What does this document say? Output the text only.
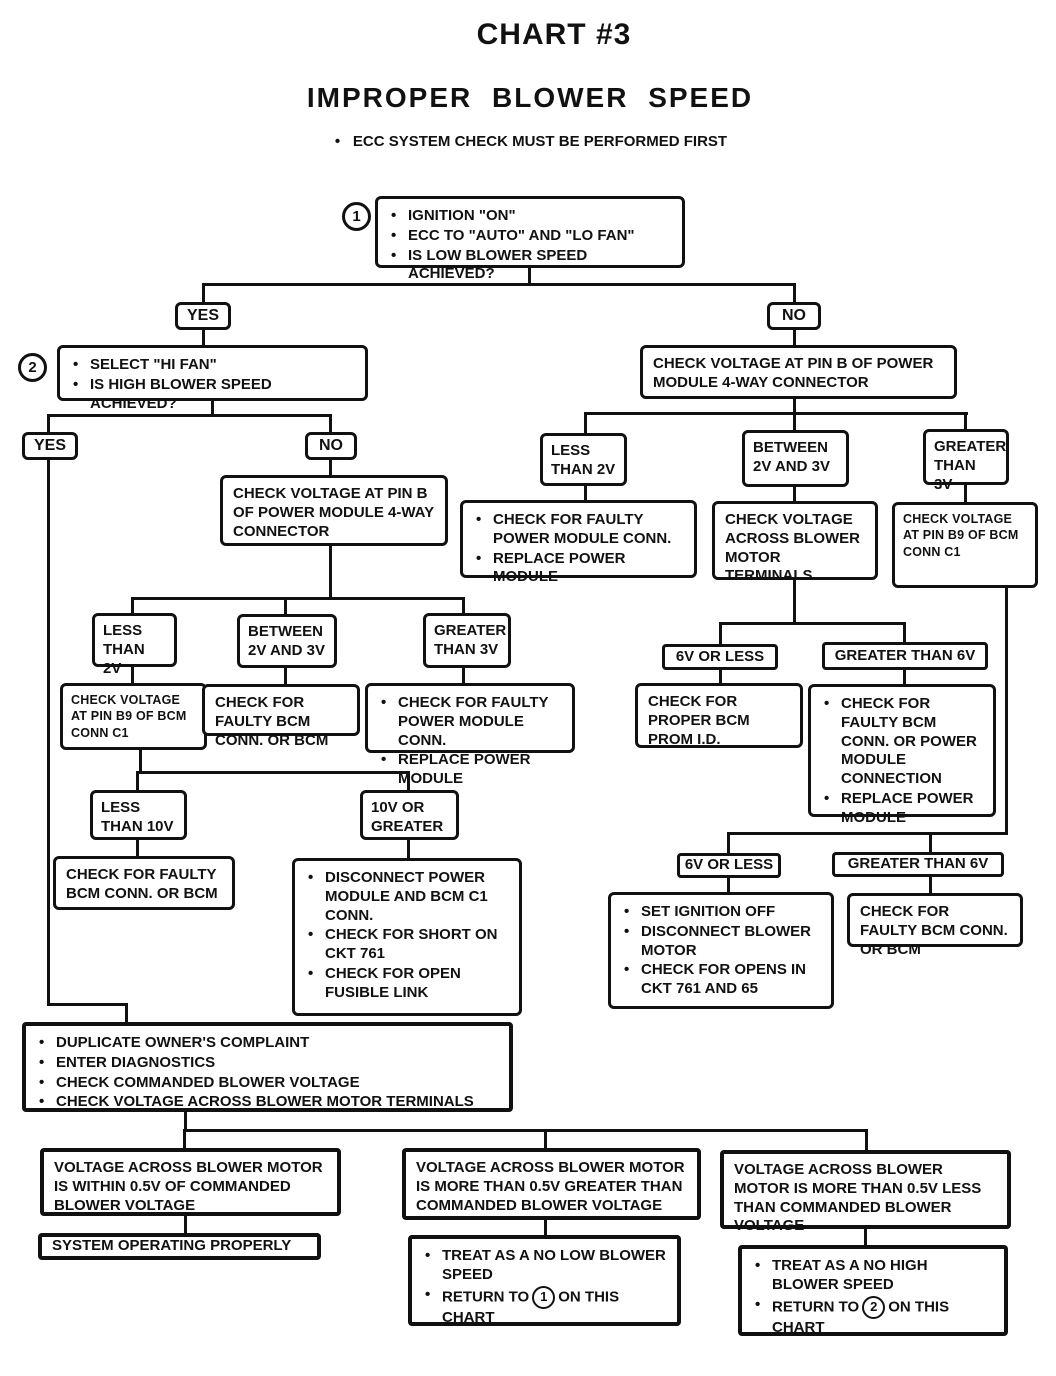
CHART #3
IMPROPER BLOWER SPEED
• ECC SYSTEM CHECK MUST BE PERFORMED FIRST
1
2
• IGNITION "ON"
• ECC TO "AUTO" AND "LO FAN"
• IS LOW BLOWER SPEED ACHIEVED?
YES	NO
• SELECT "HI FAN"
• IS HIGH BLOWER SPEED ACHIEVED?
YES	NO
CHECK VOLTAGE AT PIN B OF POWER MODULE 4-WAY CONNECTOR
LESS THAN 2V
BETWEEN 2V AND 3V
GREATER THAN 3V
CHECK VOLTAGE AT PIN B9 OF BCM CONN C1
CHECK FOR FAULTY BCM CONN. OR BCM
• CHECK FOR FAULTY POWER MODULE CONN.
• REPLACE POWER MODULE
LESS THAN 10V
10V OR GREATER
CHECK FOR FAULTY BCM CONN. OR BCM
• DISCONNECT POWER MODULE AND BCM C1 CONN.
• CHECK FOR SHORT ON CKT 761
• CHECK FOR OPEN FUSIBLE LINK
CHECK VOLTAGE AT PIN B OF POWER MODULE 4-WAY CONNECTOR
LESS THAN 2V
BETWEEN 2V AND 3V
GREATER THAN 3V
• CHECK FOR FAULTY POWER MODULE CONN.
• REPLACE POWER MODULE
CHECK VOLTAGE ACROSS BLOWER MOTOR TERMINALS
CHECK VOLTAGE AT PIN B9 OF BCM CONN C1
6V OR LESS	GREATER THAN 6V
CHECK FOR PROPER BCM PROM I.D.
• CHECK FOR FAULTY BCM CONN. OR POWER MODULE CONNECTION
• REPLACE POWER MODULE
6V OR LESS	GREATER THAN 6V
• SET IGNITION OFF
• DISCONNECT BLOWER MOTOR
• CHECK FOR OPENS IN CKT 761 AND 65
CHECK FOR FAULTY BCM CONN. OR BCM
• DUPLICATE OWNER'S COMPLAINT
• ENTER DIAGNOSTICS
• CHECK COMMANDED BLOWER VOLTAGE
• CHECK VOLTAGE ACROSS BLOWER MOTOR TERMINALS
VOLTAGE ACROSS BLOWER MOTOR IS WITHIN 0.5V OF COMMANDED BLOWER VOLTAGE
SYSTEM OPERATING PROPERLY
VOLTAGE ACROSS BLOWER MOTOR IS MORE THAN 0.5V GREATER THAN COMMANDED BLOWER VOLTAGE
• TREAT AS A NO LOW BLOWER SPEED
• RETURN TO 1 ON THIS CHART
VOLTAGE ACROSS BLOWER MOTOR IS MORE THAN 0.5V LESS THAN COMMANDED BLOWER VOLTAGE
• TREAT AS A NO HIGH BLOWER SPEED
• RETURN TO 2 ON THIS CHART
